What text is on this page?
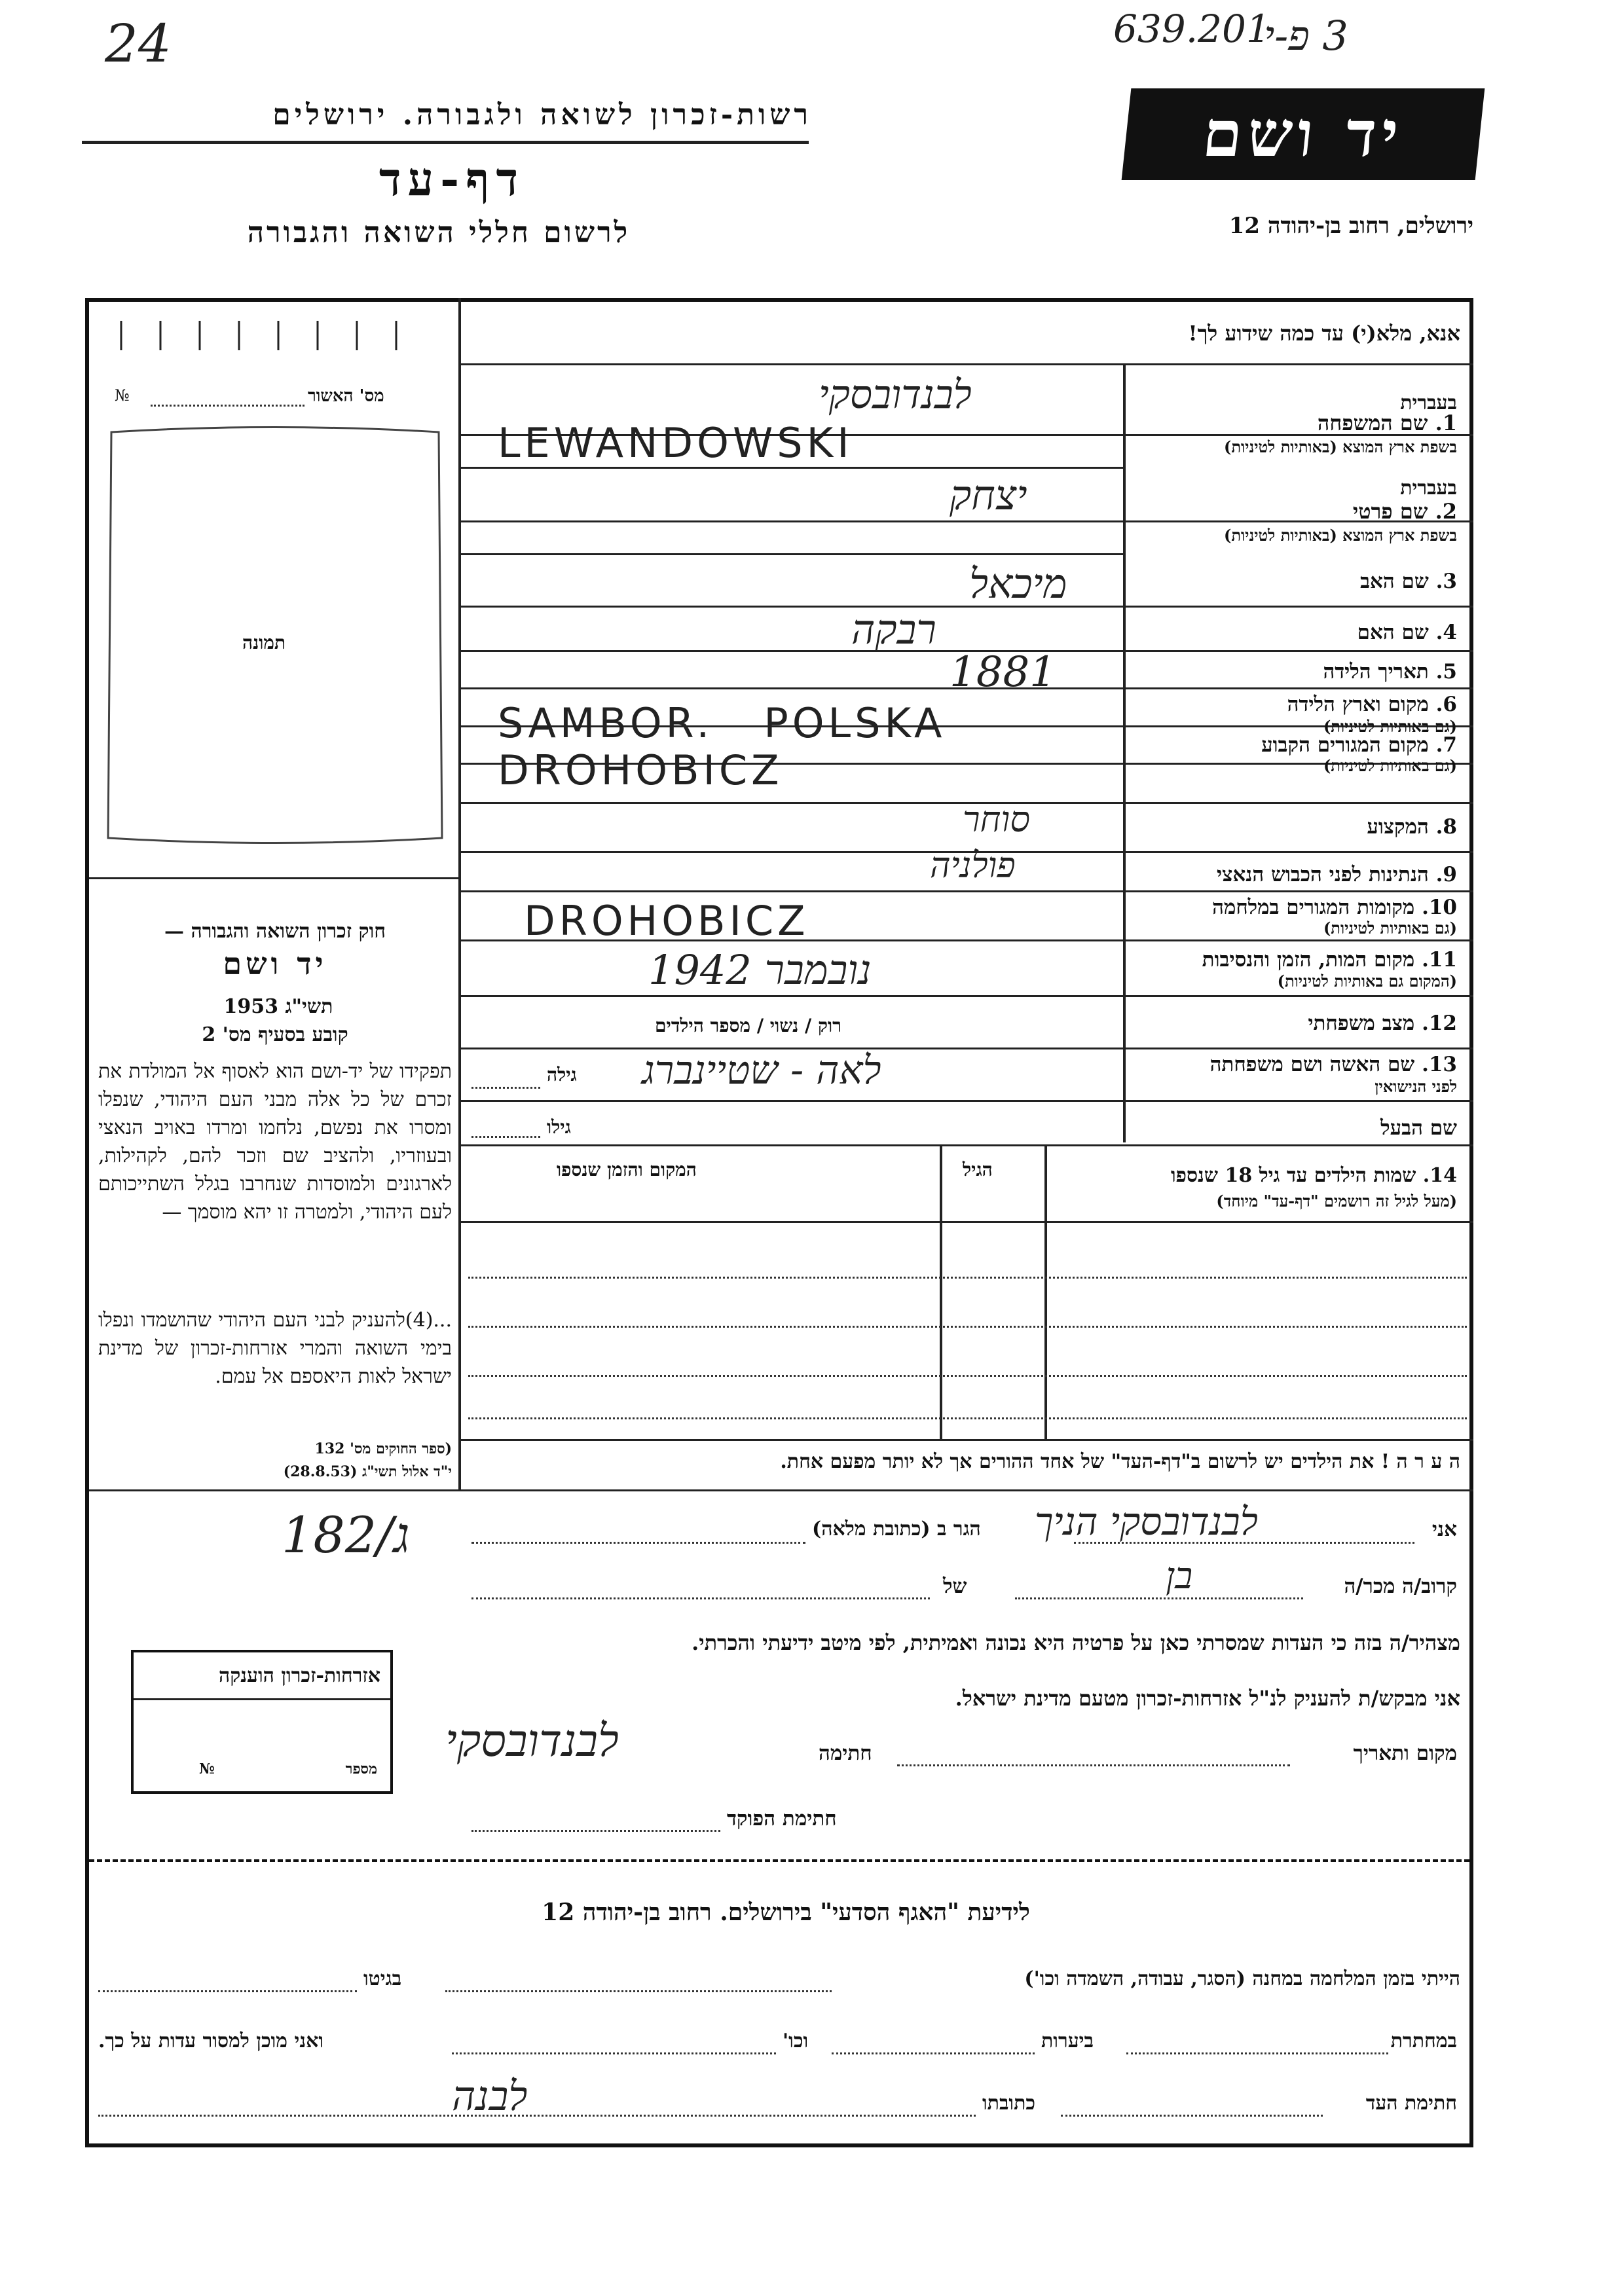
24	639.201
3 פ-י
רשות-זכרון לשואה ולגבורה. ירושלים
דף-עד
לרשום חללי השואה והגבורה
יד ושם
ירושלים, רחוב בן-יהודה 12
אנא, מלא(י) עד כמה שידוע לך!
מס' האשור
№
תמונה
חוק זכרון השואה והגבורה —
יד ושם
תשי"ג 1953
קובע בסעיף מס' 2
תפקידו של יד-ושם הוא לאסוף אל המולדת את זכרם של כל אלה מבני העם היהודי, שנפלו ומסרו את נפשם, נלחמו ומרדו באויב הנאצי ובעוזריו, ולהציב שם וזכר להם, לקהילות, לארגונים ולמוסדות שנחרבו בגלל השתייכותם לעם היהודי, ולמטרה זו יהא מוסמך —
...(4)להעניק לבני העם היהודי שהושמדו ונפלו בימי השואה והמרי אזרחות-זכרון של מדינת ישראל לאות היאספם אל עמם.
(ספר החוקים מס' 132
י"ד אלול תשי"ג (28.8.53)
182/ג
אזרחות-זכרון הוענקה
מספר
№
בעברית
1. שם המשפחה
בשפת ארץ המוצא (באותיות לטיניות)
לבנדובסקי
LEWANDOWSKI
בעברית
2. שם פרטי
בשפת ארץ המוצא (באותיות לטיניות)
יצחק
3. שם האב
מיכאל
4. שם האם
רבקה
5. תאריך הלידה
1881
6. מקום וארץ הלידה
(גם באותיות לטיניות)
SAMBOR.   POLSKA	7. מקום המגורים הקבוע
(גם באותיות לטיניות)
DROHOBICZ
8. המקצוע
סוחר
9. הנתינות לפני הכבוש הנאצי
פולניה
10. מקומות המגורים במלחמה
(גם באותיות לטיניות)
DROHOBICZ
11. מקום המות, הזמן והנסיבות
(המקום גם באותיות לטיניות)
נובמבר 1942
12. מצב משפחתי
רוק / נשוי / מספר הילדים
13. שם האשה ושם משפחתה
לפני הנישואין
לאה - שטיינברג
גילה
שם הבעל
גילו
14. שמות הילדים עד גיל 18 שנספו
(מעל לגיל זה רושמים "דף-עד" מיוחד)
הגיל
המקום והזמן שנספו
ה ע ר ה ! את הילדים יש לרשום ב"דף-העד" של אחד ההורים אך לא יותר מפעם אחת.
אני
לבנדובסקי הניך
הגר ב (כתובת מלאה)
קרוב/ה מכר/ה
בן
של
מצהיר/ה בזה כי העדות שמסרתי כאן על פרטיה היא נכונה ואמיתית, לפי מיטב ידיעתי והכרתי.
אני מבקש/ת להעניק לנ"ל אזרחות-זכרון מטעם מדינת ישראל.
מקום ותאריך
חתימה
לבנדובסקי
חתימת הפוקד
לידיעת "האגף הסדעי" בירושלים. רחוב בן-יהודה 12
הייתי בזמן המלחמה במחנה (הסגר, עבודה, השמדה וכו')
בגיטו
במחתרת
ביערות
וכו'
ואני מוכן למסור עדות על כך.
חתימת העד
כתובתו
לבנה
